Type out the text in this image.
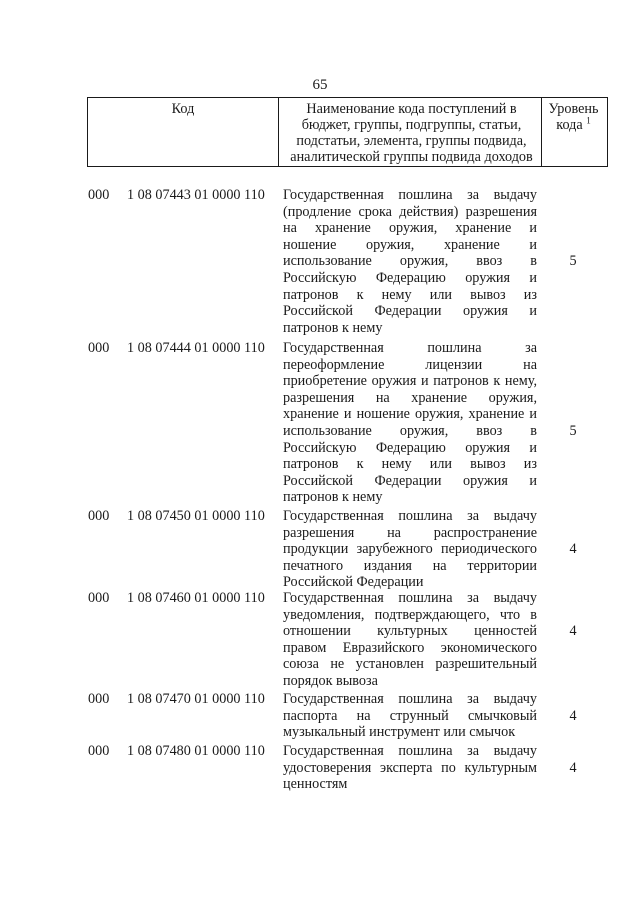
65
Код	Наименование кода поступлений в
бюджет, группы, подгруппы, статьи,
подстатьи, элемента, группы подвида,
аналитической группы подвида доходов
Уровень
кода $^1$
000 1 08 07443 01 0000 110 Государственная пошлина за выдачу
(продление срока действия) разрешения
на хранение оружия, хранение и
ношение оружия, хранение и
использование оружия, ввоз в
Российскую Федерацию оружия и
патронов к нему или вывоз из
Российской Федерации оружия и
патронов к нему
5
000 1 08 07444 01 0000 110 Государственная пошлина за
переоформление лицензии на
приобретение оружия и патронов к нему,
разрешения на хранение оружия,
хранение и ношение оружия, хранение и
использование оружия, ввоз в
Российскую Федерацию оружия и
патронов к нему или вывоз из
Российской Федерации оружия и
патронов к нему
5
000 1 08 07450 01 0000 110 Государственная пошлина за выдачу
разрешения на распространение
продукции зарубежного периодического
печатного издания на территории
Российской Федерации
4
000 1 08 07460 01 0000 110 Государственная пошлина за выдачу
уведомления, подтверждающего, что в
отношении культурных ценностей
правом Евразийского экономического
союза не установлен разрешительный
порядок вывоза
4
000 1 08 07470 01 0000 110 Государственная пошлина за выдачу
паспорта на струнный смычковый
музыкальный инструмент или смычок
4
000 1 08 07480 01 0000 110 Государственная пошлина за выдачу
удостоверения эксперта по культурным
ценностям
4
